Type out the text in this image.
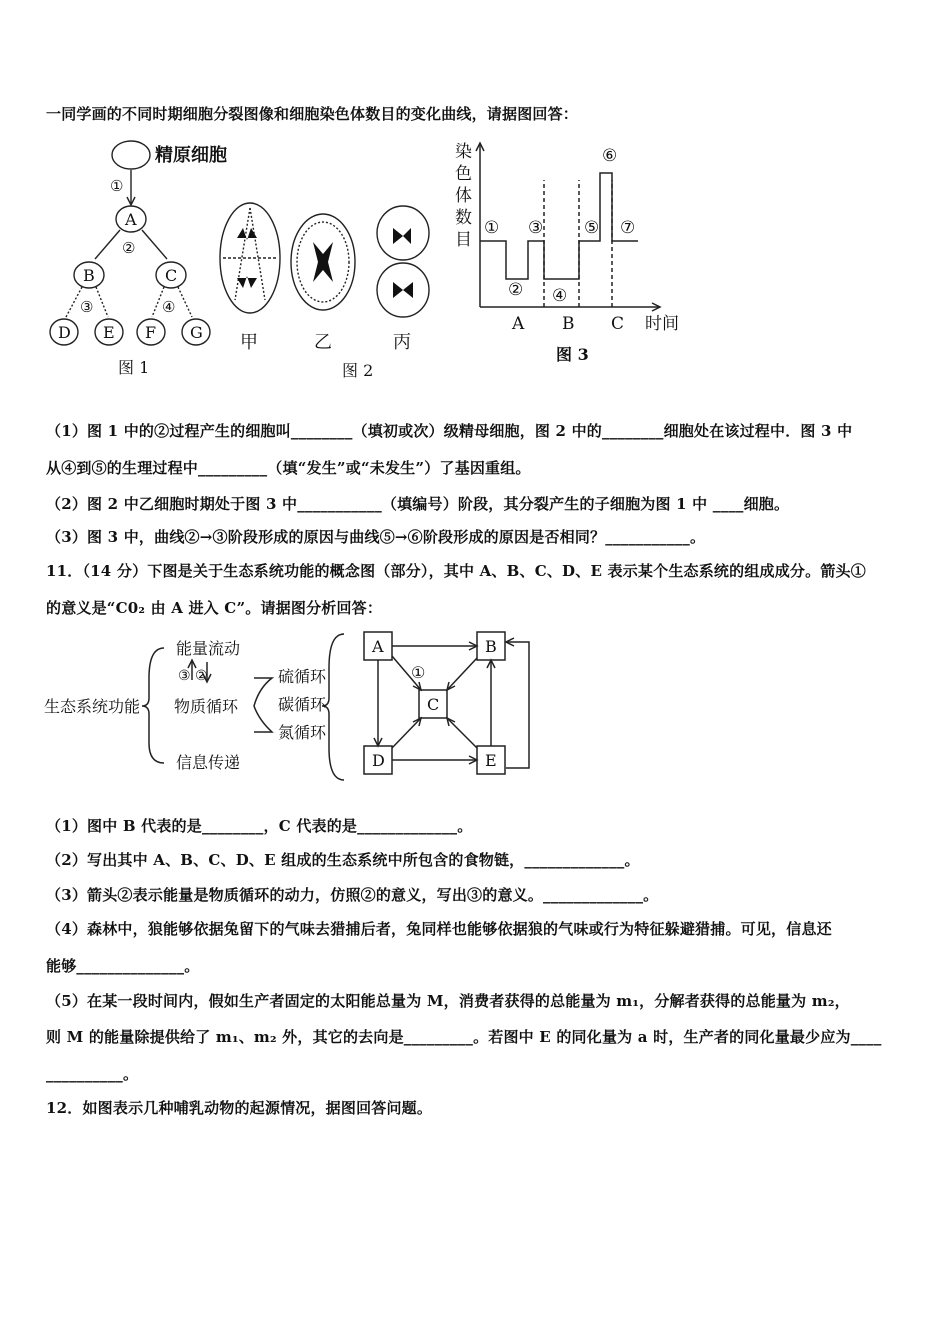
一同学画的不同时期细胞分裂图像和细胞染色体数目的变化曲线，请据图回答：
精原细胞
①
A
②
B	C
③	④
D E F G
图 1
甲	乙	丙
图 2
染
色
体
数
目
①
②
③
④
⑤
⑥
⑦
A B C 时间
图 3
（1）图 1 中的②过程产生的细胞叫________（填初或次）级精母细胞，图 2 中的________细胞处在该过程中．图 3 中
从④到⑤的生理过程中_________（填“发生”或“未发生”）了基因重组。
（2）图 2 中乙细胞时期处于图 3 中___________（填编号）阶段，其分裂产生的子细胞为图 1 中 ____细胞。
（3）图 3 中，曲线②→③阶段形成的原因与曲线⑤→⑥阶段形成的原因是否相同？___________。
11．（14 分）下图是关于生态系统功能的概念图（部分），其中 A、B、C、D、E 表示某个生态系统的组成成分。箭头①
的意义是“C0₂ 由 A 进入 C”。请据图分析回答：
生态系统功能
能量流动
③ ②
物质循环
信息传递
硫循环
碳循环
氮循环
A	B
C
D	E
①
（1）图中 B 代表的是________，C 代表的是_____________。
（2）写出其中 A、B、C、D、E 组成的生态系统中所包含的食物链，_____________。
（3）箭头②表示能量是物质循环的动力，仿照②的意义，写出③的意义。_____________。
（4）森林中，狼能够依据兔留下的气味去猎捕后者，兔同样也能够依据狼的气味或行为特征躲避猎捕。可见，信息还
能够______________。
（5）在某一段时间内，假如生产者固定的太阳能总量为 M，消费者获得的总能量为 m₁，分解者获得的总能量为 m₂，
则 M 的能量除提供给了 m₁、m₂ 外，其它的去向是_________。若图中 E 的同化量为 a 时，生产者的同化量最少应为____
__________。
12．如图表示几种哺乳动物的起源情况，据图回答问题。
